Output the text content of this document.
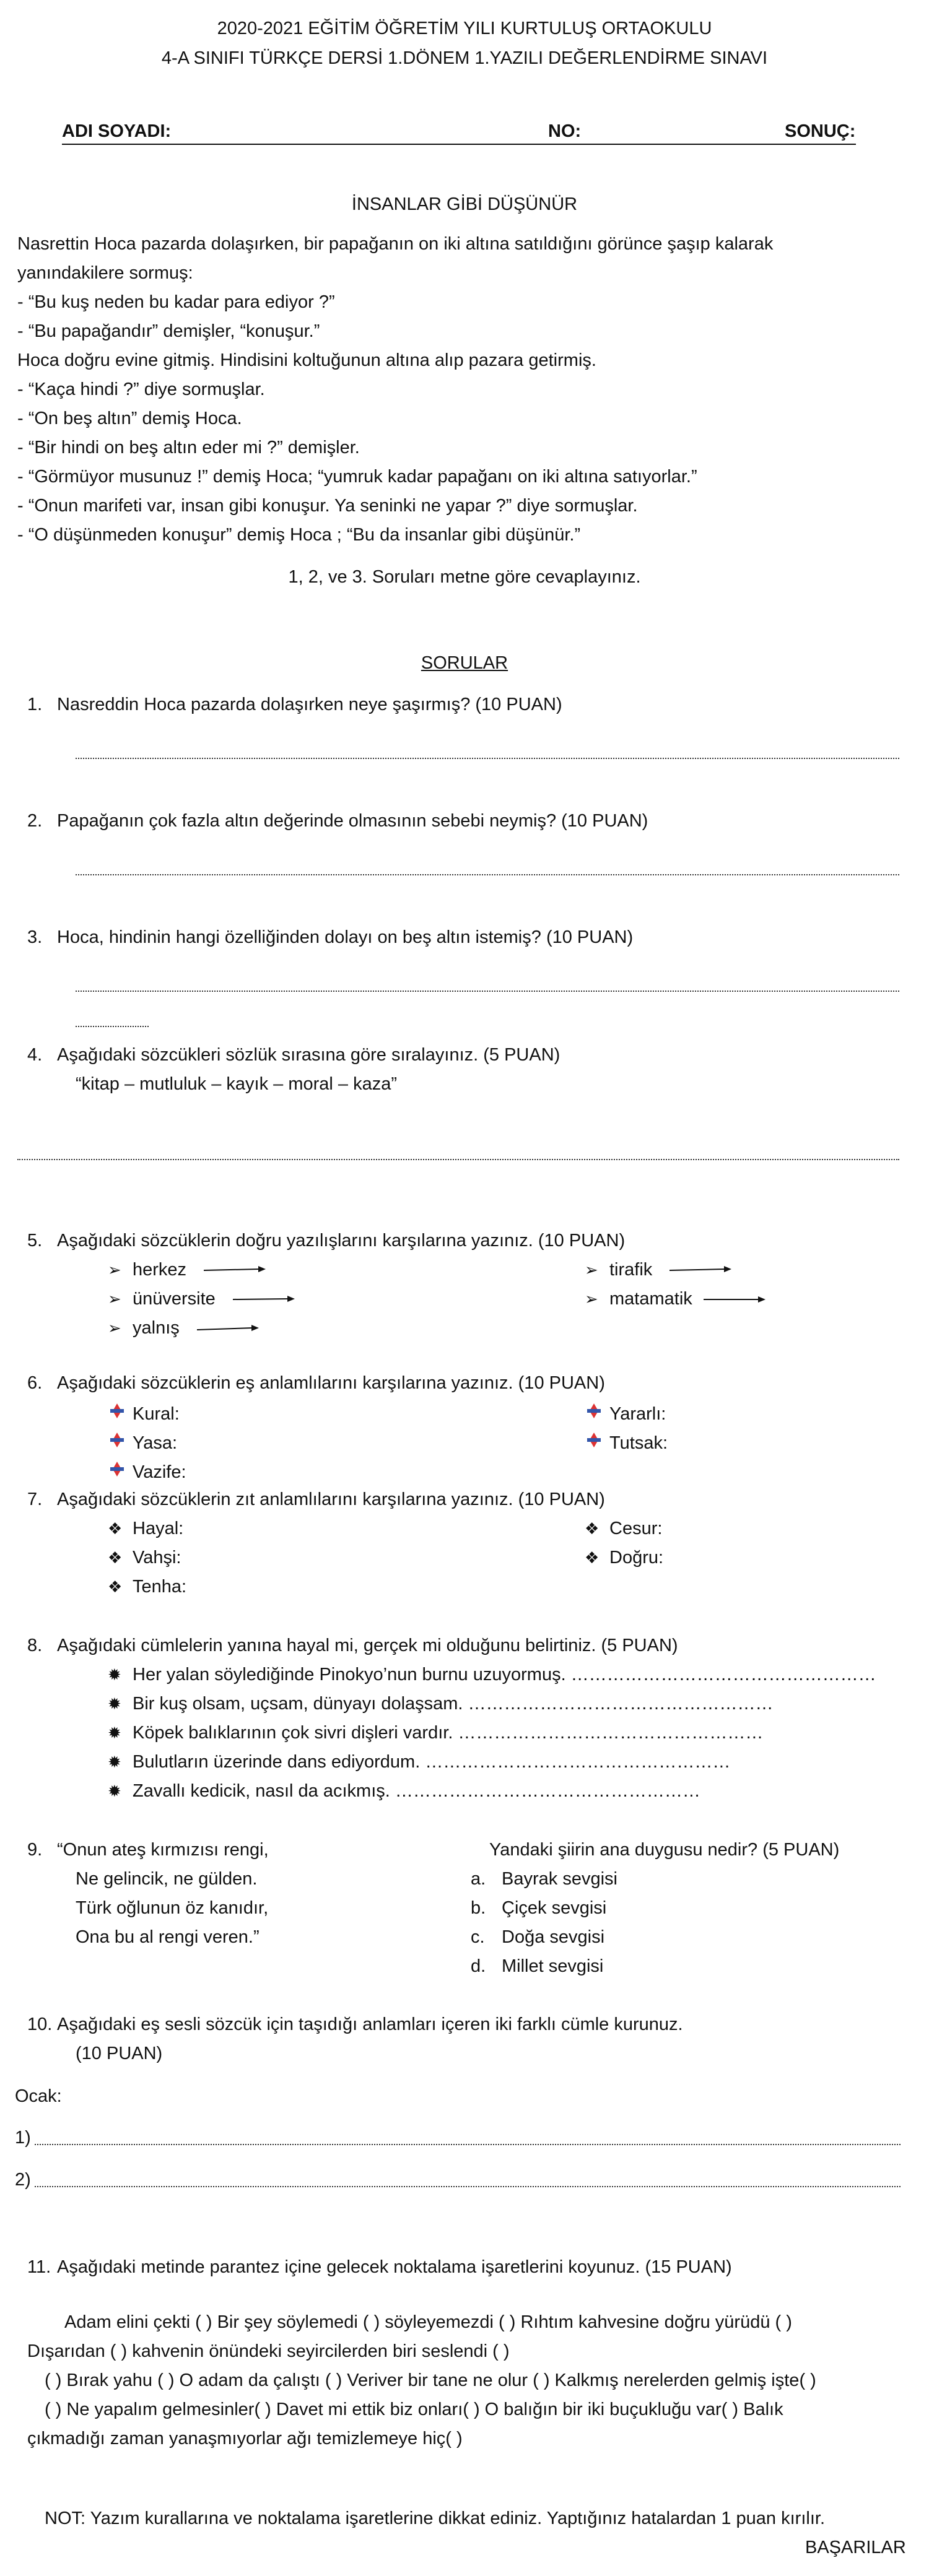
2020-2021 EĞİTİM ÖĞRETİM YILI KURTULUŞ ORTAOKULU
4-A SINIFI TÜRKÇE DERSİ 1.DÖNEM 1.YAZILI DEĞERLENDİRME SINAVI
ADI SOYADI:	NO:	SONUÇ:
İNSANLAR GİBİ DÜŞÜNÜR
Nasrettin Hoca pazarda dolaşırken, bir papağanın on iki altına satıldığını görünce şaşıp kalarak
yanındakilere sormuş:
- “Bu kuş neden bu kadar para ediyor ?”
- “Bu papağandır” demişler, “konuşur.”
Hoca doğru evine gitmiş. Hindisini koltuğunun altına alıp pazara getirmiş.
- “Kaça hindi ?” diye sormuşlar.
- “On beş altın” demiş Hoca.
- “Bir hindi on beş altın eder mi ?” demişler.
- “Görmüyor musunuz !” demiş Hoca; “yumruk kadar papağanı on iki altına satıyorlar.”
- “Onun marifeti var, insan gibi konuşur. Ya seninki ne yapar ?” diye sormuşlar.
- “O düşünmeden konuşur” demiş Hoca ; “Bu da insanlar gibi düşünür.”
1, 2, ve 3. Soruları metne göre cevaplayınız.
SORULAR
1. Nasreddin Hoca pazarda dolaşırken neye şaşırmış? (10 PUAN)
2. Papağanın çok fazla altın değerinde olmasının sebebi neymiş? (10 PUAN)
3. Hoca, hindinin hangi özelliğinden dolayı on beş altın istemiş? (10 PUAN)
4. Aşağıdaki sözcükleri sözlük sırasına göre sıralayınız. (5 PUAN)
“kitap – mutluluk – kayık – moral – kaza”
5. Aşağıdaki sözcüklerin doğru yazılışlarını karşılarına yazınız. (10 PUAN)
➢ herkez
➢ ünüversite
➢ yalnış
➢ tirafik
➢ matamatik
6. Aşağıdaki sözcüklerin eş anlamlılarını karşılarına yazınız. (10 PUAN)
Kural:
Yasa:
Vazife:
Yararlı:
Tutsak:
7. Aşağıdaki sözcüklerin zıt anlamlılarını karşılarına yazınız. (10 PUAN)
❖ Hayal:
❖ Vahşi:
❖ Tenha:
❖ Cesur:
❖ Doğru:
8. Aşağıdaki cümlelerin yanına hayal mi, gerçek mi olduğunu belirtiniz. (5 PUAN)
✹ Her yalan söylediğinde Pinokyo’nun burnu uzuyormuş. ……………………………………………
✹ Bir kuş olsam, uçsam, dünyayı dolaşsam. ……………………………………………
✹ Köpek balıklarının çok sivri dişleri vardır. ……………………………………………
✹ Bulutların üzerinde dans ediyordum. ……………………………………………
✹ Zavallı kedicik, nasıl da acıkmış. ……………………………………………
9. “Onun ateş kırmızısı rengi,
Ne gelincik, ne gülden.
Türk oğlunun öz kanıdır,
Ona bu al rengi veren.”
Yandaki şiirin ana duygusu nedir? (5 PUAN)
a. Bayrak sevgisi
b. Çiçek sevgisi
c. Doğa sevgisi
d. Millet sevgisi
10. Aşağıdaki eş sesli sözcük için taşıdığı anlamları içeren iki farklı cümle kurunuz.
(10 PUAN)
Ocak:
1)
2)
11. Aşağıdaki metinde parantez içine gelecek noktalama işaretlerini koyunuz. (15 PUAN)
Adam elini çekti ( ) Bir şey söylemedi ( ) söyleyemezdi ( ) Rıhtım kahvesine doğru yürüdü ( )
Dışarıdan ( ) kahvenin önündeki seyircilerden biri seslendi ( )
( ) Bırak yahu ( ) O adam da çalıştı ( ) Veriver bir tane ne olur ( ) Kalkmış nerelerden gelmiş işte( )
( ) Ne yapalım gelmesinler( ) Davet mi ettik biz onları( ) O balığın bir iki buçukluğu var( ) Balık
çıkmadığı zaman yanaşmıyorlar ağı temizlemeye hiç( )
NOT: Yazım kurallarına ve noktalama işaretlerine dikkat ediniz. Yaptığınız hatalardan 1 puan kırılır.
BAŞARILAR
